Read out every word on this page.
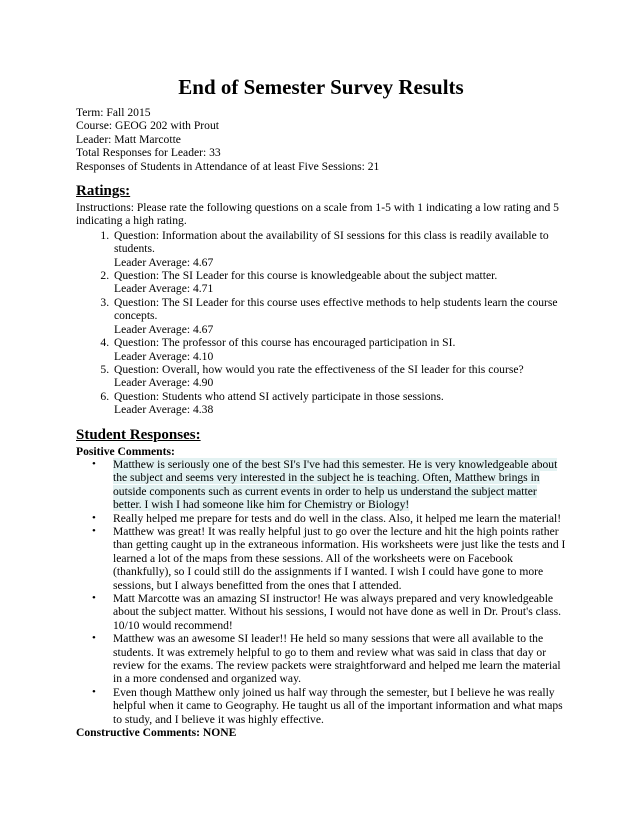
End of Semester Survey Results
Term: Fall 2015
Course: GEOG 202 with Prout
Leader: Matt Marcotte
Total Responses for Leader: 33
Responses of Students in Attendance of at least Five Sessions: 21
Ratings:
Instructions: Please rate the following questions on a scale from 1-5 with 1 indicating a low rating and 5 indicating a high rating.
1. Question: Information about the availability of SI sessions for this class is readily available to students.
Leader Average: 4.67
2. Question: The SI Leader for this course is knowledgeable about the subject matter.
Leader Average: 4.71
3. Question: The SI Leader for this course uses effective methods to help students learn the course concepts.
Leader Average: 4.67
4. Question: The professor of this course has encouraged participation in SI.
Leader Average: 4.10
5. Question: Overall, how would you rate the effectiveness of the SI leader for this course?
Leader Average: 4.90
6. Question: Students who attend SI actively participate in those sessions.
Leader Average: 4.38
Student Responses:
Positive Comments:
• Matthew is seriously one of the best SI's I've had this semester. He is very knowledgeable about the subject and seems very interested in the subject he is teaching. Often, Matthew brings in outside components such as current events in order to help us understand the subject matter better. I wish I had someone like him for Chemistry or Biology!
• Really helped me prepare for tests and do well in the class. Also, it helped me learn the material!
• Matthew was great! It was really helpful just to go over the lecture and hit the high points rather than getting caught up in the extraneous information. His worksheets were just like the tests and I learned a lot of the maps from these sessions. All of the worksheets were on Facebook (thankfully), so I could still do the assignments if I wanted. I wish I could have gone to more sessions, but I always benefitted from the ones that I attended.
• Matt Marcotte was an amazing SI instructor! He was always prepared and very knowledgeable about the subject matter. Without his sessions, I would not have done as well in Dr. Prout's class. 10/10 would recommend!
• Matthew was an awesome SI leader!! He held so many sessions that were all available to the students. It was extremely helpful to go to them and review what was said in class that day or review for the exams. The review packets were straightforward and helped me learn the material in a more condensed and organized way.
• Even though Matthew only joined us half way through the semester, but I believe he was really helpful when it came to Geography. He taught us all of the important information and what maps to study, and I believe it was highly effective.
Constructive Comments: NONE
